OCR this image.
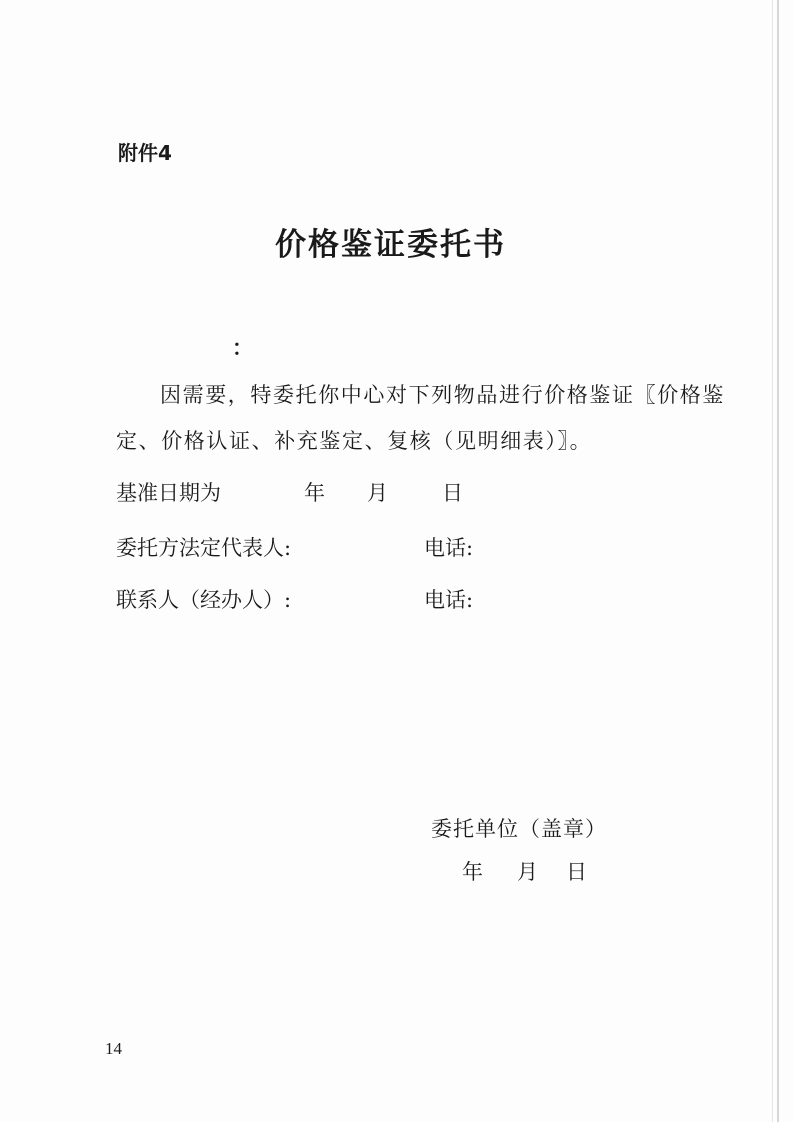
附件4
价格鉴证委托书
：
因需要，特委托你中心对下列物品进行价格鉴证〖价格鉴
定、价格认证、补充鉴定、复核（见明细表）〗。
基准日期为	年 月	日
委托方法定代表人:	电话:
联系人（经办人）:	电话:
委托单位（盖章）
年 月 日
14
